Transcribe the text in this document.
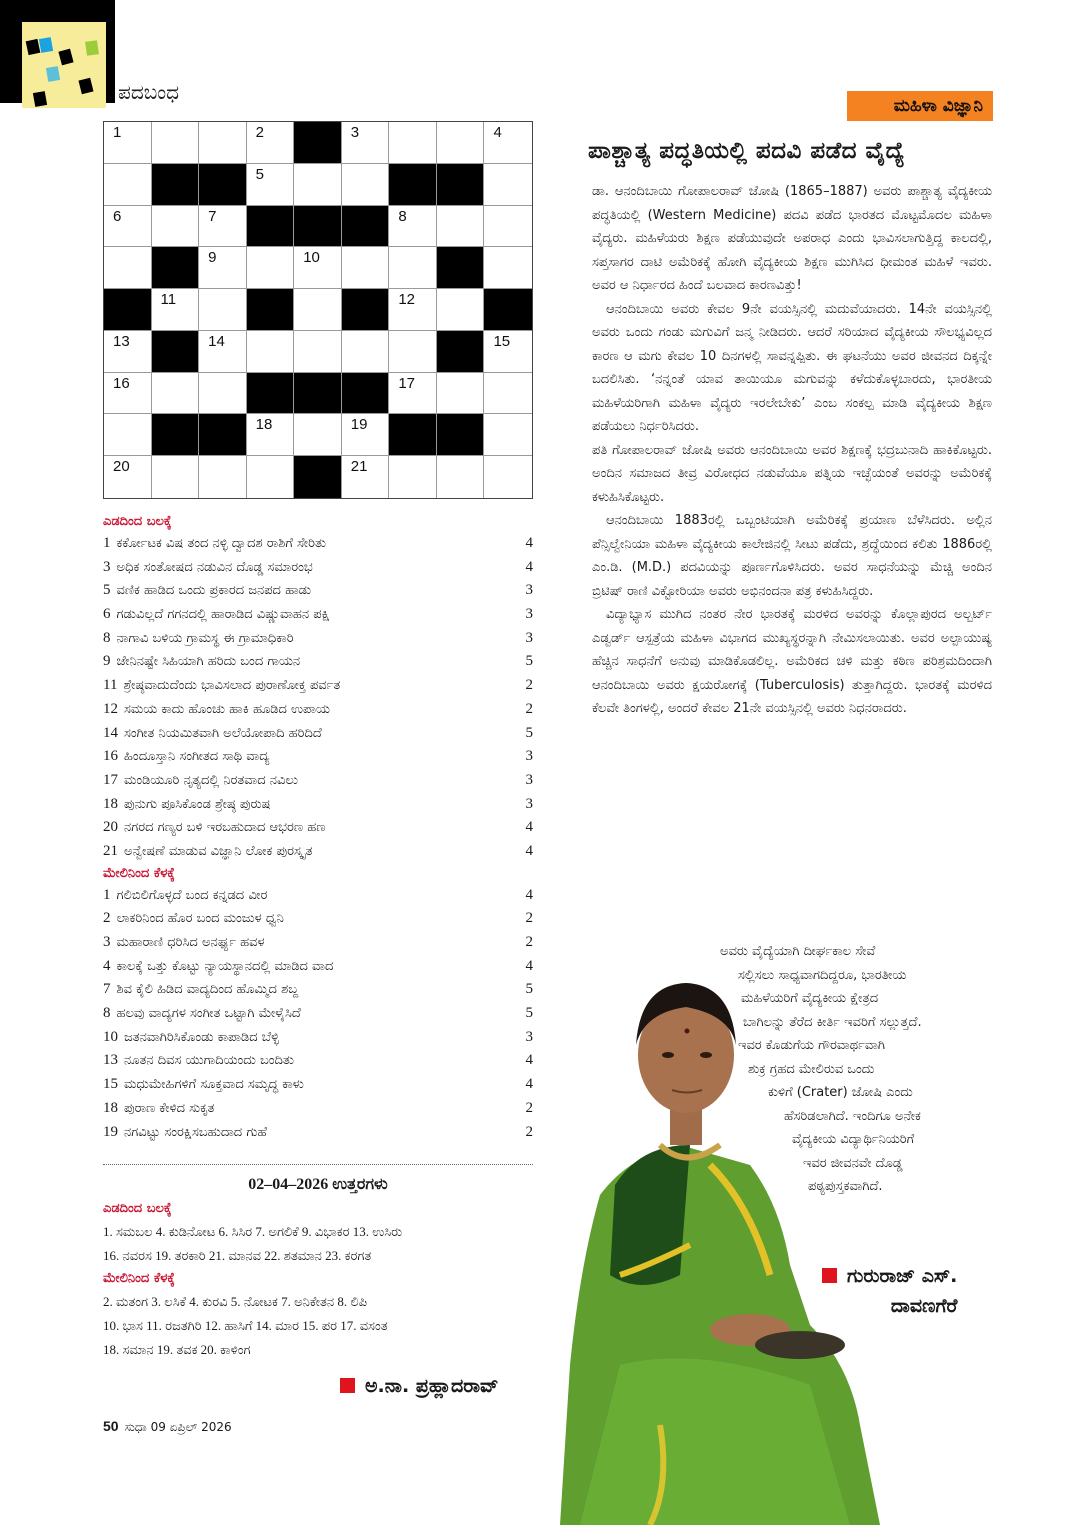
ಪದಬಂಧ
1	2	3	4
5
6	7	8
9	10
11	12
13	14	15
16	17
18	19
20	21
ಎಡದಿಂದ ಬಲಕ್ಕೆ
1 ಕರ್ಕೋಟಕ ವಿಷ ತಂದ ನಳ್ಳಿ ದ್ವಾದಶ ರಾಶಿಗೆ ಸೇರಿತು	4
3 ಅಧಿಕ ಸಂತೋಷದ ನಡುವಿನ ದೊಡ್ಡ ಸಮಾರಂಭ	4
5 ವಣಿಕ ಹಾಡಿದ ಒಂದು ಪ್ರಕಾರದ ಜನಪದ ಹಾಡು	3
6 ಗಡುವಿಲ್ಲದೆ ಗಗನದಲ್ಲಿ ಹಾರಾಡಿದ ವಿಷ್ಣುವಾಹನ ಪಕ್ಷಿ	3
8 ನಾಗಾವಿ ಬಳಿಯ ಗ್ರಾಮಸ್ಥ ಈ ಗ್ರಾಮಾಧಿಕಾರಿ	3
9 ಜೇನಿನಷ್ಟೇ ಸಿಹಿಯಾಗಿ ಹರಿದು ಬಂದ ಗಾಯನ	5
11 ಶ್ರೇಷ್ಠವಾದುದೆಂದು ಭಾವಿಸಲಾದ ಪುರಾಣೋಕ್ತ ಪರ್ವತ	2
12 ಸಮಯ ಕಾದು ಹೊಂಚು ಹಾಕಿ ಹೂಡಿದ ಉಪಾಯ	2
14 ಸಂಗೀತ ನಿಯಮಿತವಾಗಿ ಅಲೆಯೋಪಾದಿ ಹರಿದಿದೆ	5
16 ಹಿಂದೂಸ್ತಾನಿ ಸಂಗೀತದ ಸಾಥಿ ವಾದ್ಯ	3
17 ಮಂಡಿಯೂರಿ ನೃತ್ಯದಲ್ಲಿ ನಿರತವಾದ ನವಿಲು	3
18 ಪುನುಗು ಪೂಸಿಕೊಂಡ ಶ್ರೇಷ್ಠ ಪುರುಷ	3
20 ನಗರದ ಗಣ್ಯರ ಬಳಿ ಇರಬಹುದಾದ ಆಭರಣ ಹಣ	4
21 ಅನ್ವೇಷಣೆ ಮಾಡುವ ವಿಜ್ಞಾನಿ ಲೋಕ ಪುರಸ್ಕೃತ	4
ಮೇಲಿನಿಂದ ಕೆಳಕ್ಕೆ
1 ಗಲಿಬಿಲಿಗೊಳ್ಳದೆ ಬಂದ ಕನ್ನಡದ ವೀರ	4
2 ಲಾಕರಿನಿಂದ ಹೊರ ಬಂದ ಮಂಜುಳ ಧ್ವನಿ	2
3 ಮಹಾರಾಣಿ ಧರಿಸಿದ ಅನರ್ಘ್ಯ ಹವಳ	2
4 ಕಾಲಕ್ಕೆ ಒತ್ತು ಕೊಟ್ಟು ನ್ಯಾಯಸ್ಥಾನದಲ್ಲಿ ಮಾಡಿದ ವಾದ	4
7 ಶಿವ ಕೈಲಿ ಹಿಡಿದ ವಾದ್ಯದಿಂದ ಹೊಮ್ಮಿದ ಶಬ್ದ	5
8 ಹಲವು ವಾದ್ಯಗಳ ಸಂಗೀತ ಒಟ್ಟಾಗಿ ಮೇಳೈಸಿದೆ	5
10 ಜತನವಾಗಿರಿಸಿಕೊಂಡು ಕಾಪಾಡಿದ ಬೆಳ್ಳಿ	3
13 ನೂತನ ದಿವಸ ಯುಗಾದಿಯಂದು ಬಂದಿತು	4
15 ಮಧುಮೇಹಿಗಳಿಗೆ ಸೂಕ್ತವಾದ ಸಮೃದ್ಧ ಕಾಳು	4
18 ಪುರಾಣ ಕೇಳಿದ ಸುಕೃತ	2
19 ನಗವಿಟ್ಟು ಸಂರಕ್ಷಿಸಬಹುದಾದ ಗುಹೆ	2
02–04–2026 ಉತ್ತರಗಳು
ಎಡದಿಂದ ಬಲಕ್ಕೆ
1. ಸಮಬಲ 4. ಕುಡಿನೋಟ 6. ಸಿಸಿರ 7. ಅಗಲಿಕೆ 9. ವಿಭಾಕರ 13. ಉಸಿರು
16. ನವರಸ 19. ತರಕಾರಿ 21. ಮಾನವ 22. ಶತಮಾನ 23. ಕರಗತ
ಮೇಲಿನಿಂದ ಕೆಳಕ್ಕೆ
2. ಮತಂಗ 3. ಲಸಿಕೆ 4. ಕುರವಿ 5. ನೋಟಕ 7. ಅನಿಕೇತನ 8. ಲಿಪಿ
10. ಭಾಸ 11. ರಜತಗಿರಿ 12. ಹಾಸಿಗೆ 14. ಮಾರ 15. ಪರ 17. ವಸಂತ
18. ಸಮಾನ 19. ತವಕ 20. ಕಾಳಿಂಗ
ಅ.ನಾ. ಪ್ರಹ್ಲಾದರಾವ್
50 ಸುಧಾ 09 ಏಪ್ರಿಲ್ 2026
ಮಹಿಳಾ ವಿಜ್ಞಾನಿ
ಪಾಶ್ಚಾತ್ಯ ಪದ್ಧತಿಯಲ್ಲಿ ಪದವಿ ಪಡೆದ ವೈದ್ಯೆ

ಡಾ. ಆನಂದಿಬಾಯಿ ಗೋಪಾಲರಾವ್ ಜೋಷಿ (1865–1887) ಅವರು ಪಾಶ್ಚಾತ್ಯ ವೈದ್ಯಕೀಯ ಪದ್ಧತಿಯಲ್ಲಿ (Western Medicine) ಪದವಿ ಪಡೆದ ಭಾರತದ ಮೊಟ್ಟಮೊದಲ ಮಹಿಳಾ ವೈದ್ಯರು. ಮಹಿಳೆಯರು ಶಿಕ್ಷಣ ಪಡೆಯುವುದೇ ಅಪರಾಧ ಎಂದು ಭಾವಿಸಲಾಗುತ್ತಿದ್ದ ಕಾಲದಲ್ಲಿ, ಸಪ್ತಸಾಗರ ದಾಟಿ ಅಮೆರಿಕಕ್ಕೆ ಹೋಗಿ ವೈದ್ಯಕೀಯ ಶಿಕ್ಷಣ ಮುಗಿಸಿದ ಧೀಮಂತ ಮಹಿಳೆ ಇವರು. ಅವರ ಆ ನಿರ್ಧಾರದ ಹಿಂದೆ ಬಲವಾದ ಕಾರಣವಿತ್ತು!

ಆನಂದಿಬಾಯಿ ಅವರು ಕೇವಲ 9ನೇ ವಯಸ್ಸಿನಲ್ಲಿ ಮದುವೆಯಾದರು. 14ನೇ ವಯಸ್ಸಿನಲ್ಲಿ ಅವರು ಒಂದು ಗಂಡು ಮಗುವಿಗೆ ಜನ್ಮ ನೀಡಿದರು. ಆದರೆ ಸರಿಯಾದ ವೈದ್ಯಕೀಯ ಸೌಲಭ್ಯವಿಲ್ಲದ ಕಾರಣ ಆ ಮಗು ಕೇವಲ 10 ದಿನಗಳಲ್ಲಿ ಸಾವನ್ನಪ್ಪಿತು. ಈ ಘಟನೆಯು ಅವರ ಜೀವನದ ದಿಕ್ಕನ್ನೇ ಬದಲಿಸಿತು. ‘ನನ್ನಂತೆ ಯಾವ ತಾಯಿಯೂ ಮಗುವನ್ನು ಕಳೆದುಕೊಳ್ಳಬಾರದು, ಭಾರತೀಯ ಮಹಿಳೆಯರಿಗಾಗಿ ಮಹಿಳಾ ವೈದ್ಯರು ಇರಲೇಬೇಕು’ ಎಂಬ ಸಂಕಲ್ಪ ಮಾಡಿ ವೈದ್ಯಕೀಯ ಶಿಕ್ಷಣ ಪಡೆಯಲು ನಿರ್ಧರಿಸಿದರು.

ಪತಿ ಗೋಪಾಲರಾವ್ ಜೋಷಿ ಅವರು ಆನಂದಿಬಾಯಿ ಅವರ ಶಿಕ್ಷಣಕ್ಕೆ ಭದ್ರಬುನಾದಿ ಹಾಕಿಕೊಟ್ಟರು. ಅಂದಿನ ಸಮಾಜದ ತೀವ್ರ ವಿರೋಧದ ನಡುವೆಯೂ ಪತ್ನಿಯ ಇಚ್ಛೆಯಂತೆ ಅವರನ್ನು ಅಮೆರಿಕಕ್ಕೆ ಕಳುಹಿಸಿಕೊಟ್ಟರು.

ಆನಂದಿಬಾಯಿ 1883ರಲ್ಲಿ ಒಬ್ಬಂಟಿಯಾಗಿ ಅಮೆರಿಕಕ್ಕೆ ಪ್ರಯಾಣ ಬೆಳೆಸಿದರು. ಅಲ್ಲಿನ ಪೆನ್ಸಿಲ್ವೇನಿಯಾ ಮಹಿಳಾ ವೈದ್ಯಕೀಯ ಕಾಲೇಜಿನಲ್ಲಿ ಸೀಟು ಪಡೆದು, ಶ್ರದ್ಧೆಯಿಂದ ಕಲಿತು 1886ರಲ್ಲಿ ಎಂ.ಡಿ. (M.D.) ಪದವಿಯನ್ನು ಪೂರ್ಣಗೊಳಿಸಿದರು. ಅವರ ಸಾಧನೆಯನ್ನು ಮೆಚ್ಚಿ ಅಂದಿನ ಬ್ರಿಟಿಷ್ ರಾಣಿ ವಿಕ್ಟೋರಿಯಾ ಅವರು ಅಭಿನಂದನಾ ಪತ್ರ ಕಳುಹಿಸಿದ್ದರು.

ವಿದ್ಯಾಭ್ಯಾಸ ಮುಗಿದ ನಂತರ ನೇರ ಭಾರತಕ್ಕೆ ಮರಳಿದ ಅವರನ್ನು ಕೊಲ್ಲಾಪುರದ ಅಲ್ಬರ್ಟ್ ಎಡ್ವರ್ಡ್ ಆಸ್ಪತ್ರೆಯ ಮಹಿಳಾ ವಿಭಾಗದ ಮುಖ್ಯಸ್ಥರನ್ನಾಗಿ ನೇಮಿಸಲಾಯಿತು. ಅವರ ಅಲ್ಪಾಯುಷ್ಯ ಹೆಚ್ಚಿನ ಸಾಧನೆಗೆ ಅನುವು ಮಾಡಿಕೊಡಲಿಲ್ಲ. ಅಮೆರಿಕದ ಚಳಿ ಮತ್ತು ಕಠಿಣ ಪರಿಶ್ರಮದಿಂದಾಗಿ ಆನಂದಿಬಾಯಿ ಅವರು ಕ್ಷಯರೋಗಕ್ಕೆ (Tuberculosis) ತುತ್ತಾಗಿದ್ದರು. ಭಾರತಕ್ಕೆ ಮರಳಿದ ಕೆಲವೇ ತಿಂಗಳಲ್ಲಿ, ಅಂದರೆ ಕೇವಲ 21ನೇ ವಯಸ್ಸಿನಲ್ಲಿ ಅವರು ನಿಧನರಾದರು.

ಅವರು ವೈದ್ಯೆಯಾಗಿ ದೀರ್ಘಕಾಲ ಸೇವೆ
ಸಲ್ಲಿಸಲು ಸಾಧ್ಯವಾಗದಿದ್ದರೂ, ಭಾರತೀಯ
ಮಹಿಳೆಯರಿಗೆ ವೈದ್ಯಕೀಯ ಕ್ಷೇತ್ರದ
ಬಾಗಿಲನ್ನು ತೆರೆದ ಕೀರ್ತಿ ಇವರಿಗೆ ಸಲ್ಲುತ್ತದೆ.
ಇವರ ಕೊಡುಗೆಯ ಗೌರವಾರ್ಥವಾಗಿ
ಶುಕ್ರ ಗ್ರಹದ ಮೇಲಿರುವ ಒಂದು
ಕುಳಿಗೆ (Crater) ಜೋಷಿ ಎಂದು
ಹೆಸರಿಡಲಾಗಿದೆ. ಇಂದಿಗೂ ಅನೇಕ
ವೈದ್ಯಕೀಯ ವಿದ್ಯಾರ್ಥಿನಿಯರಿಗೆ
ಇವರ ಜೀವನವೇ ದೊಡ್ಡ
ಪಠ್ಯಪುಸ್ತಕವಾಗಿದೆ.
ಗುರುರಾಜ್ ಎಸ್.
ದಾವಣಗೆರೆ
